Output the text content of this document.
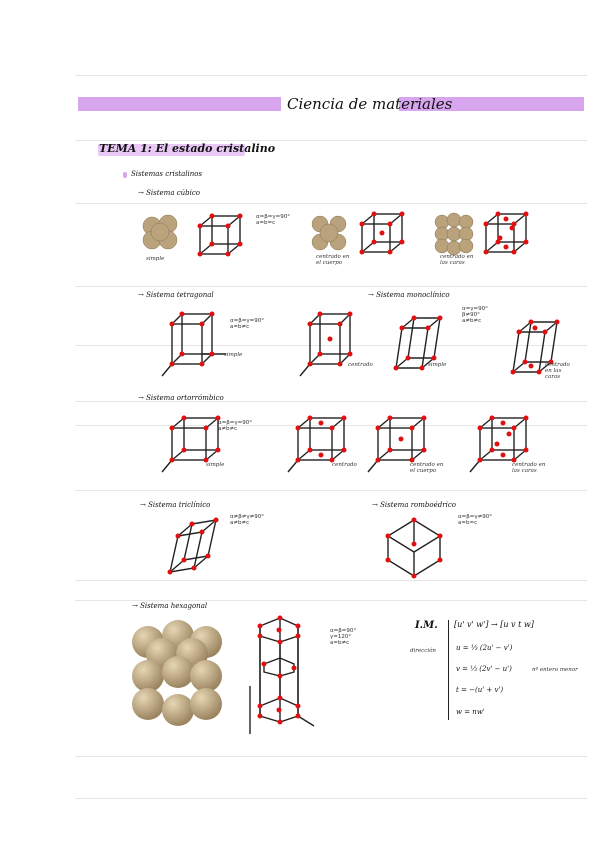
Ciencia de materiales
TEMA 1: El estado cristalino
Sistemas cristalinos
→ Sistema cúbico
simple
α=β=γ=90°
a=b=c
centrado en el cuerpo
centrado en las caras
→ Sistema tetragonal
α=β=γ=90°
a=b≠c
simple
centrado
→ Sistema monoclínico
α=γ=90°
β≠90°
a≠b≠c
simple	centrado en las caras
→ Sistema ortorrómbico
α=β=γ=90°
a≠b≠c
simple	centrado	centrado en el cuerpo
centrado en las caras
→ Sistema triclínico
α≠β≠γ≠90°
a≠b≠c
→ Sistema romboédrico
α=β=γ≠90°
a=b=c
→ Sistema hexagonal
α=β=90°
γ=120°
a=b≠c
I.M.
dirección
[u' v' w'] → [u v t w]
u = ⅓ (2u' − v')
v = ⅓ (2v' − u')	nº entero menor
t = −(u' + v')
w = nw'
